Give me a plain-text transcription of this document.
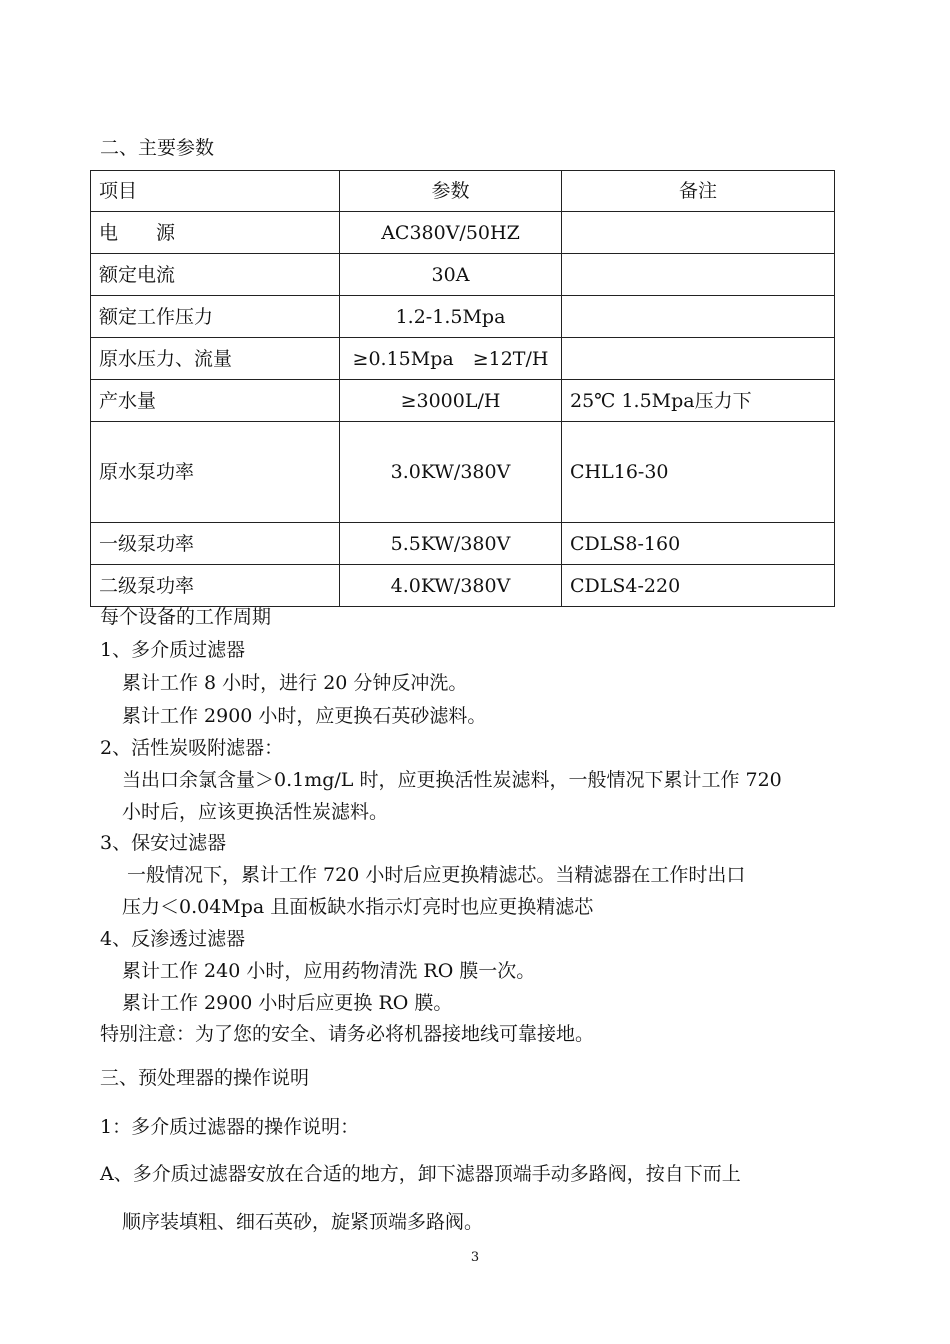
二、主要参数
项目	参数	备注
电　　源	AC380V/50HZ	
额定电流	30A	
额定工作压力	1.2-1.5Mpa	
原水压力、流量	≥0.15Mpa　≥12T/H	
产水量	≥3000L/H	25℃ 1.5Mpa压力下
原水泵功率	3.0KW/380V	CHL16-30
一级泵功率	5.5KW/380V	CDLS8-160
二级泵功率	4.0KW/380V	CDLS4-220
每个设备的工作周期
1、多介质过滤器
累计工作 8 小时，进行 20 分钟反冲洗。
累计工作 2900 小时，应更换石英砂滤料。
2、活性炭吸附滤器：
当出口余氯含量＞0.1mg/L 时，应更换活性炭滤料，一般情况下累计工作 720
小时后，应该更换活性炭滤料。
3、保安过滤器
一般情况下，累计工作 720 小时后应更换精滤芯。当精滤器在工作时出口
压力＜0.04Mpa 且面板缺水指示灯亮时也应更换精滤芯
4、反渗透过滤器
累计工作 240 小时，应用药物清洗 RO 膜一次。
累计工作 2900 小时后应更换 RO 膜。
特别注意：为了您的安全、请务必将机器接地线可靠接地。
三、预处理器的操作说明
1：多介质过滤器的操作说明：
A、多介质过滤器安放在合适的地方，卸下滤器顶端手动多路阀，按自下而上
顺序装填粗、细石英砂，旋紧顶端多路阀。
3
